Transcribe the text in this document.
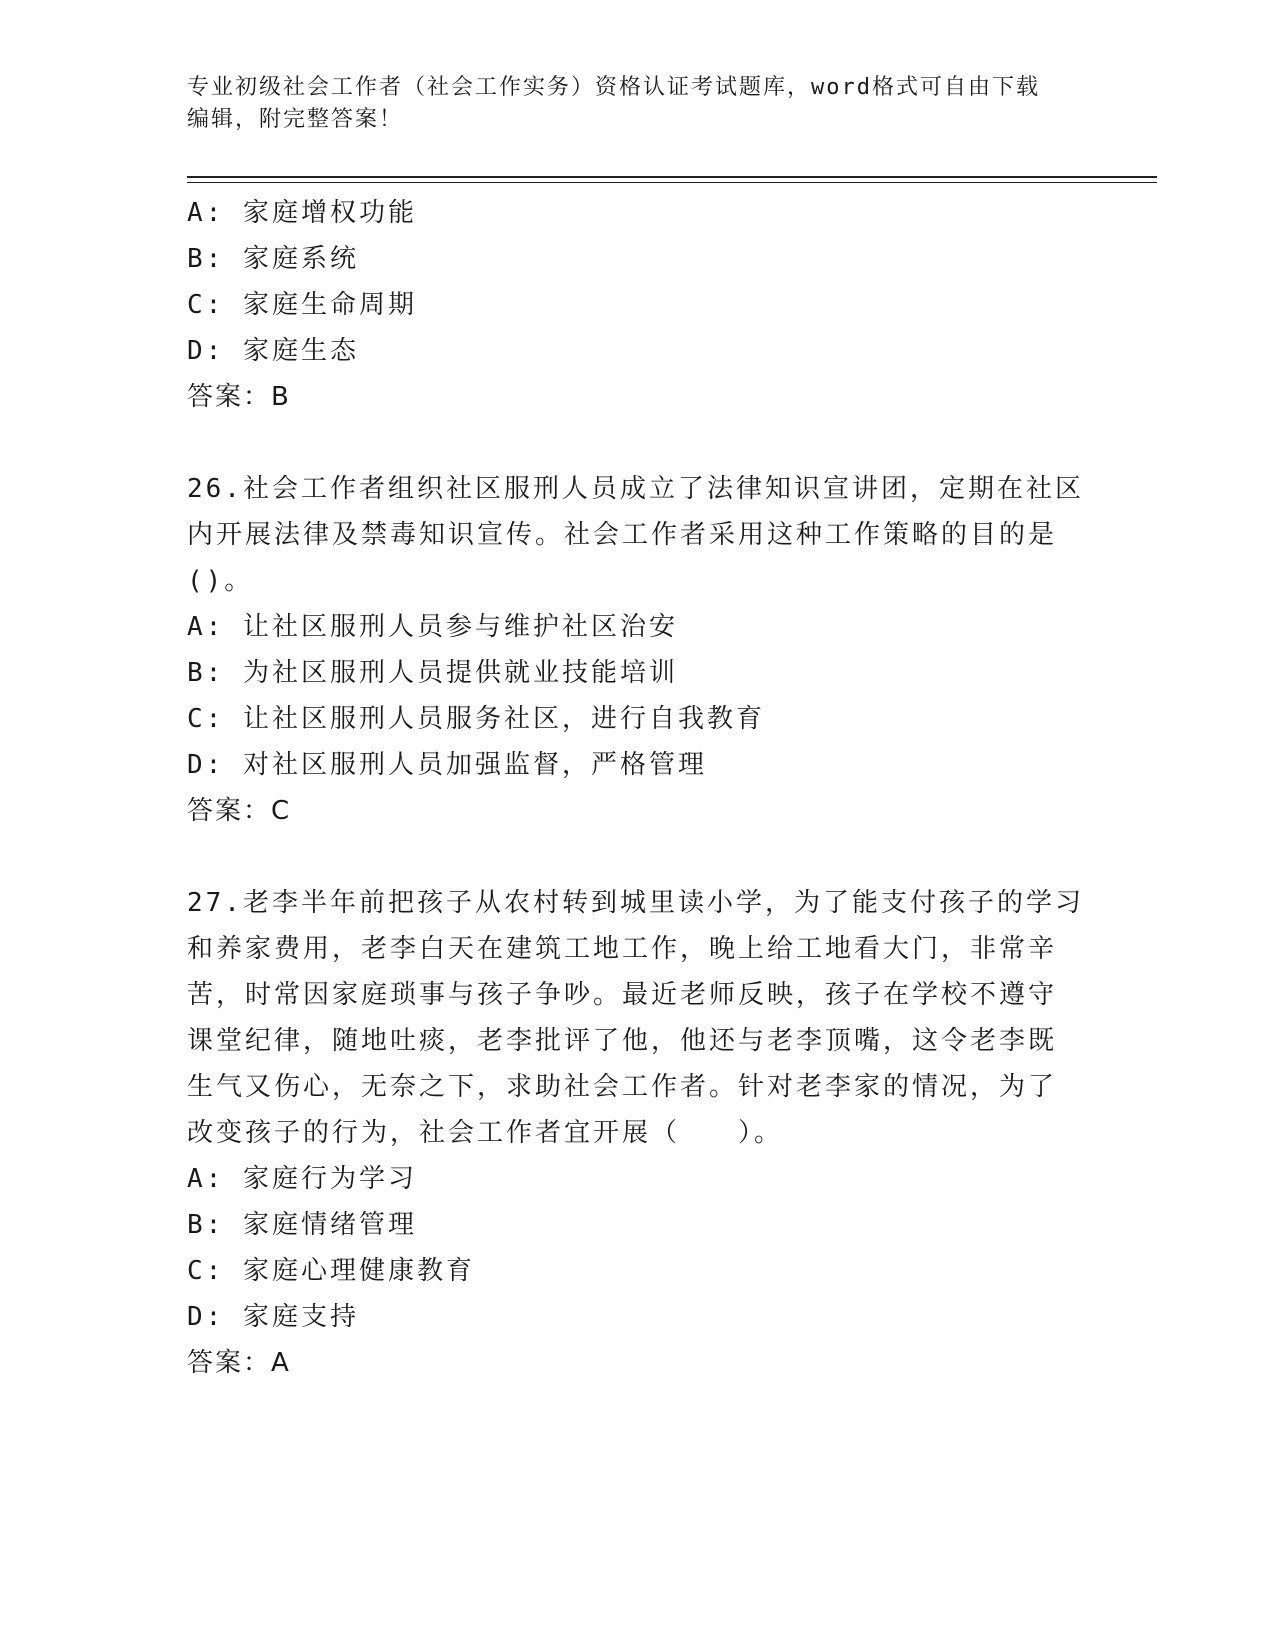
专业初级社会工作者（社会工作实务）资格认证考试题库，word格式可自由下载
编辑，附完整答案！
A: 家庭增权功能
B: 家庭系统
C: 家庭生命周期
D: 家庭生态
答案：B
26.社会工作者组织社区服刑人员成立了法律知识宣讲团，定期在社区
内开展法律及禁毒知识宣传。社会工作者采用这种工作策略的目的是
()。
A: 让社区服刑人员参与维护社区治安
B: 为社区服刑人员提供就业技能培训
C: 让社区服刑人员服务社区，进行自我教育
D: 对社区服刑人员加强监督，严格管理
答案：C
27.老李半年前把孩子从农村转到城里读小学，为了能支付孩子的学习
和养家费用，老李白天在建筑工地工作，晚上给工地看大门，非常辛
苦，时常因家庭琐事与孩子争吵。最近老师反映，孩子在学校不遵守
课堂纪律，随地吐痰，老李批评了他，他还与老李顶嘴，这令老李既
生气又伤心，无奈之下，求助社会工作者。针对老李家的情况，为了
改变孩子的行为，社会工作者宜开展（　　）。
A: 家庭行为学习
B: 家庭情绪管理
C: 家庭心理健康教育
D: 家庭支持
答案：A
